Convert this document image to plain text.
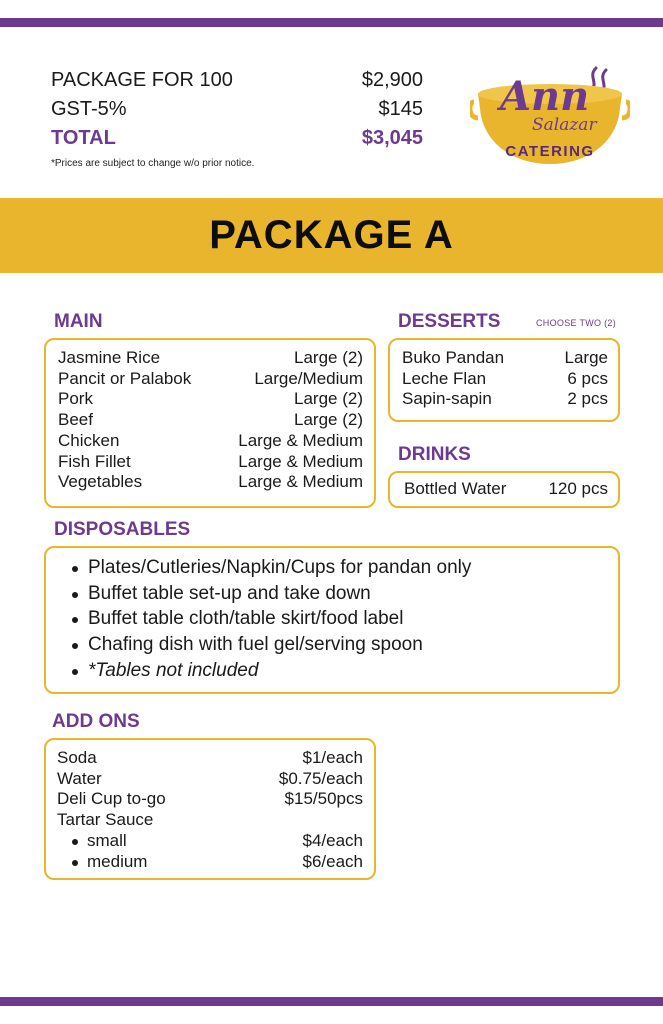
PACKAGE FOR 100	$2,900
GST-5%	$145
TOTAL	$3,045
*Prices are subject to change w/o prior notice.
Ann
Salazar
CATERING
PACKAGE A
MAIN
Jasmine Rice	Large (2)
Pancit or Palabok	Large/Medium
Pork	Large (2)
Beef	Large (2)
Chicken	Large & Medium
Fish Fillet	Large & Medium
Vegetables	Large & Medium
DESSERTS	CHOOSE TWO (2)
Buko Pandan	Large
Leche Flan	6 pcs
Sapin-sapin	2 pcs
DRINKS
Bottled Water 120 pcs
DISPOSABLES
Plates/Cutleries/Napkin/Cups for pandan only
Buffet table set-up and take down
Buffet table cloth/table skirt/food label
Chafing dish with fuel gel/serving spoon
*Tables not included
ADD ONS
Soda	$1/each
Water	$0.75/each
Deli Cup to-go	$15/50pcs
Tartar Sauce
small	$4/each
medium	$6/each
